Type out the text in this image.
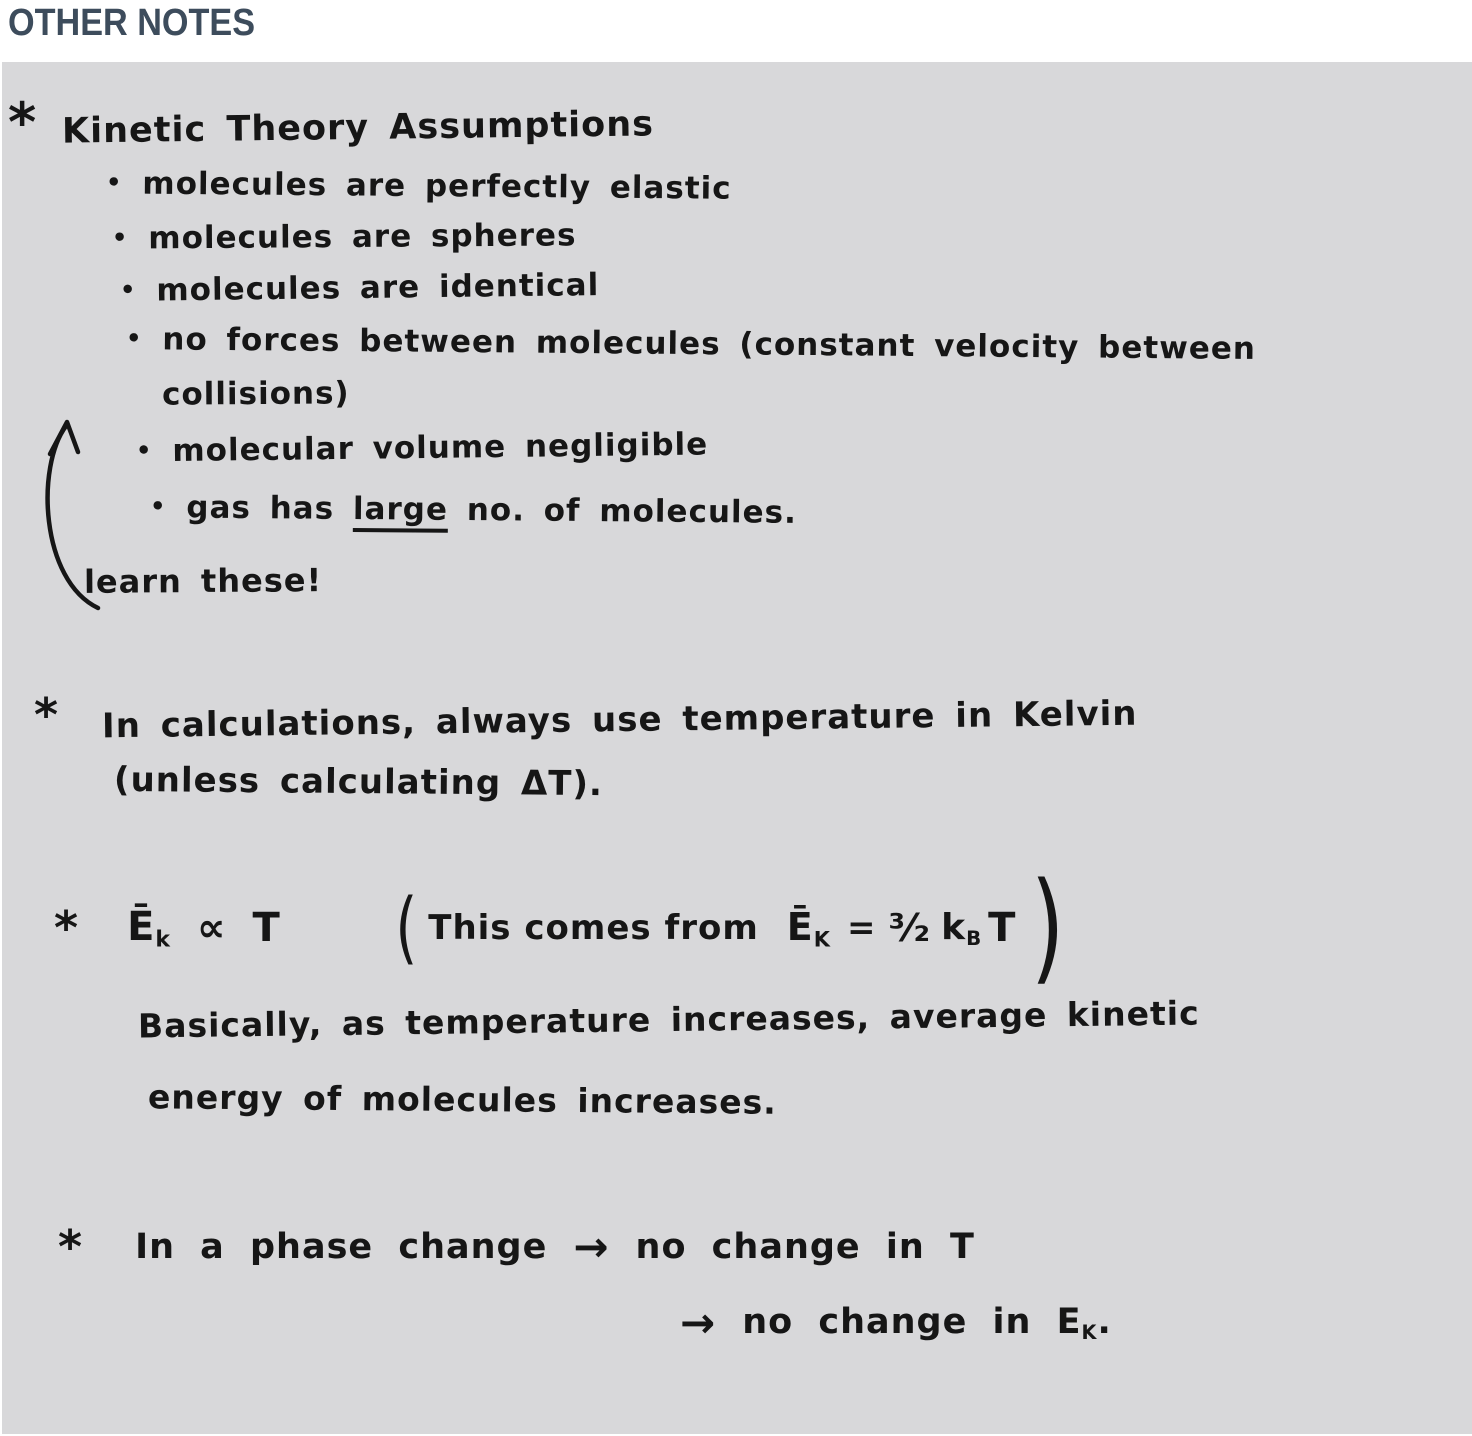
OTHER NOTES
* Kinetic Theory Assumptions
• molecules are perfectly elastic
• molecules are spheres
• molecules are identical
• no forces between molecules (constant velocity between
collisions)
• molecular volume negligible
• gas has large no. of molecules.
learn these!
* In calculations, always use temperature in Kelvin
(unless calculating ΔT).
* $Ē_k \propto T$ ( This comes from $Ē_K$ = ³⁄₂ $k_B$ T )
Basically, as temperature increases, average kinetic
energy of molecules increases.
* In a phase change → no change in T
→ no change in $E_K$.
